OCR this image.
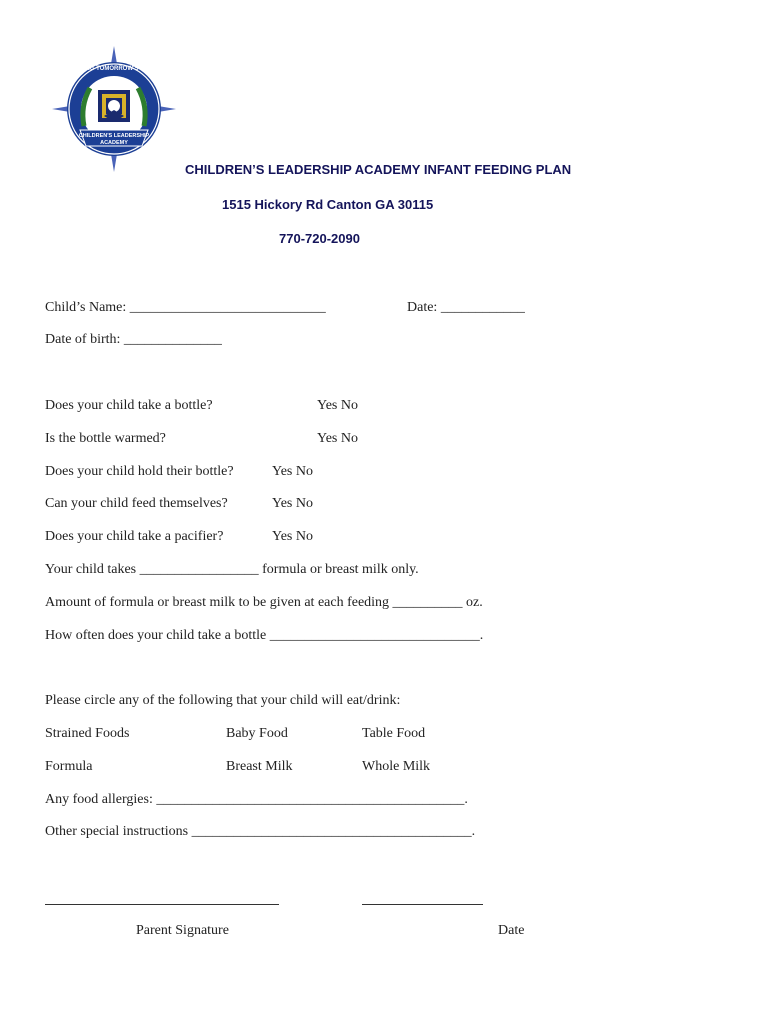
PREPARING TOMORROW'S LEADERS
CHILDREN'S LEADERSHIP
ACADEMY
CHILDREN’S LEADERSHIP ACADEMY INFANT FEEDING PLAN
1515 Hickory Rd Canton GA 30115
770-720-2090
Child’s Name: ____________________________	Date: ____________
Date of birth: ______________
Does your child take a bottle?	Yes No
Is the bottle warmed?	Yes No
Does your child hold their bottle?	Yes No
Can your child feed themselves?	Yes No
Does your child take a pacifier?	Yes No
Your child takes _________________ formula or breast milk only.
Amount of formula or breast milk to be given at each feeding __________ oz.
How often does your child take a bottle ______________________________.
Please circle any of the following that your child will eat/drink:
Strained Foods	Baby Food	Table Food
Formula	Breast Milk	Whole Milk
Any food allergies: ____________________________________________.
Other special instructions ________________________________________.
Parent Signature	Date
